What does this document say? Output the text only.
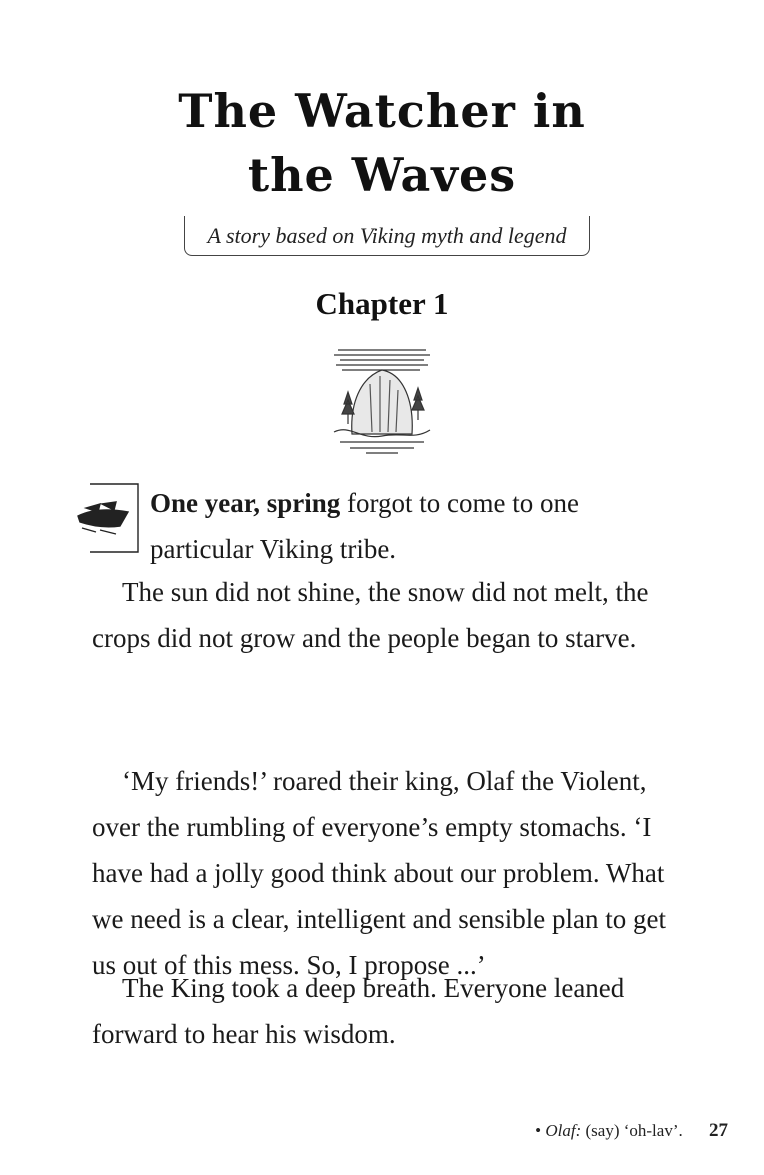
The Watcher in
the Waves
A story based on Viking myth and legend
Chapter 1

One year, spring forgot to come to one particular Viking tribe.

The sun did not shine, the snow did not melt, the crops did not grow and the people began to starve.

‘My friends!’ roared their king, Olaf the Violent, over the rumbling of everyone’s empty stomachs. ‘I have had a jolly good think about our problem. What we need is a clear, intelligent and sensible plan to get us out of this mess. So, I propose ...’

The King took a deep breath. Everyone leaned forward to hear his wisdom.

• Olaf: (say) ‘oh-lav’. 27
